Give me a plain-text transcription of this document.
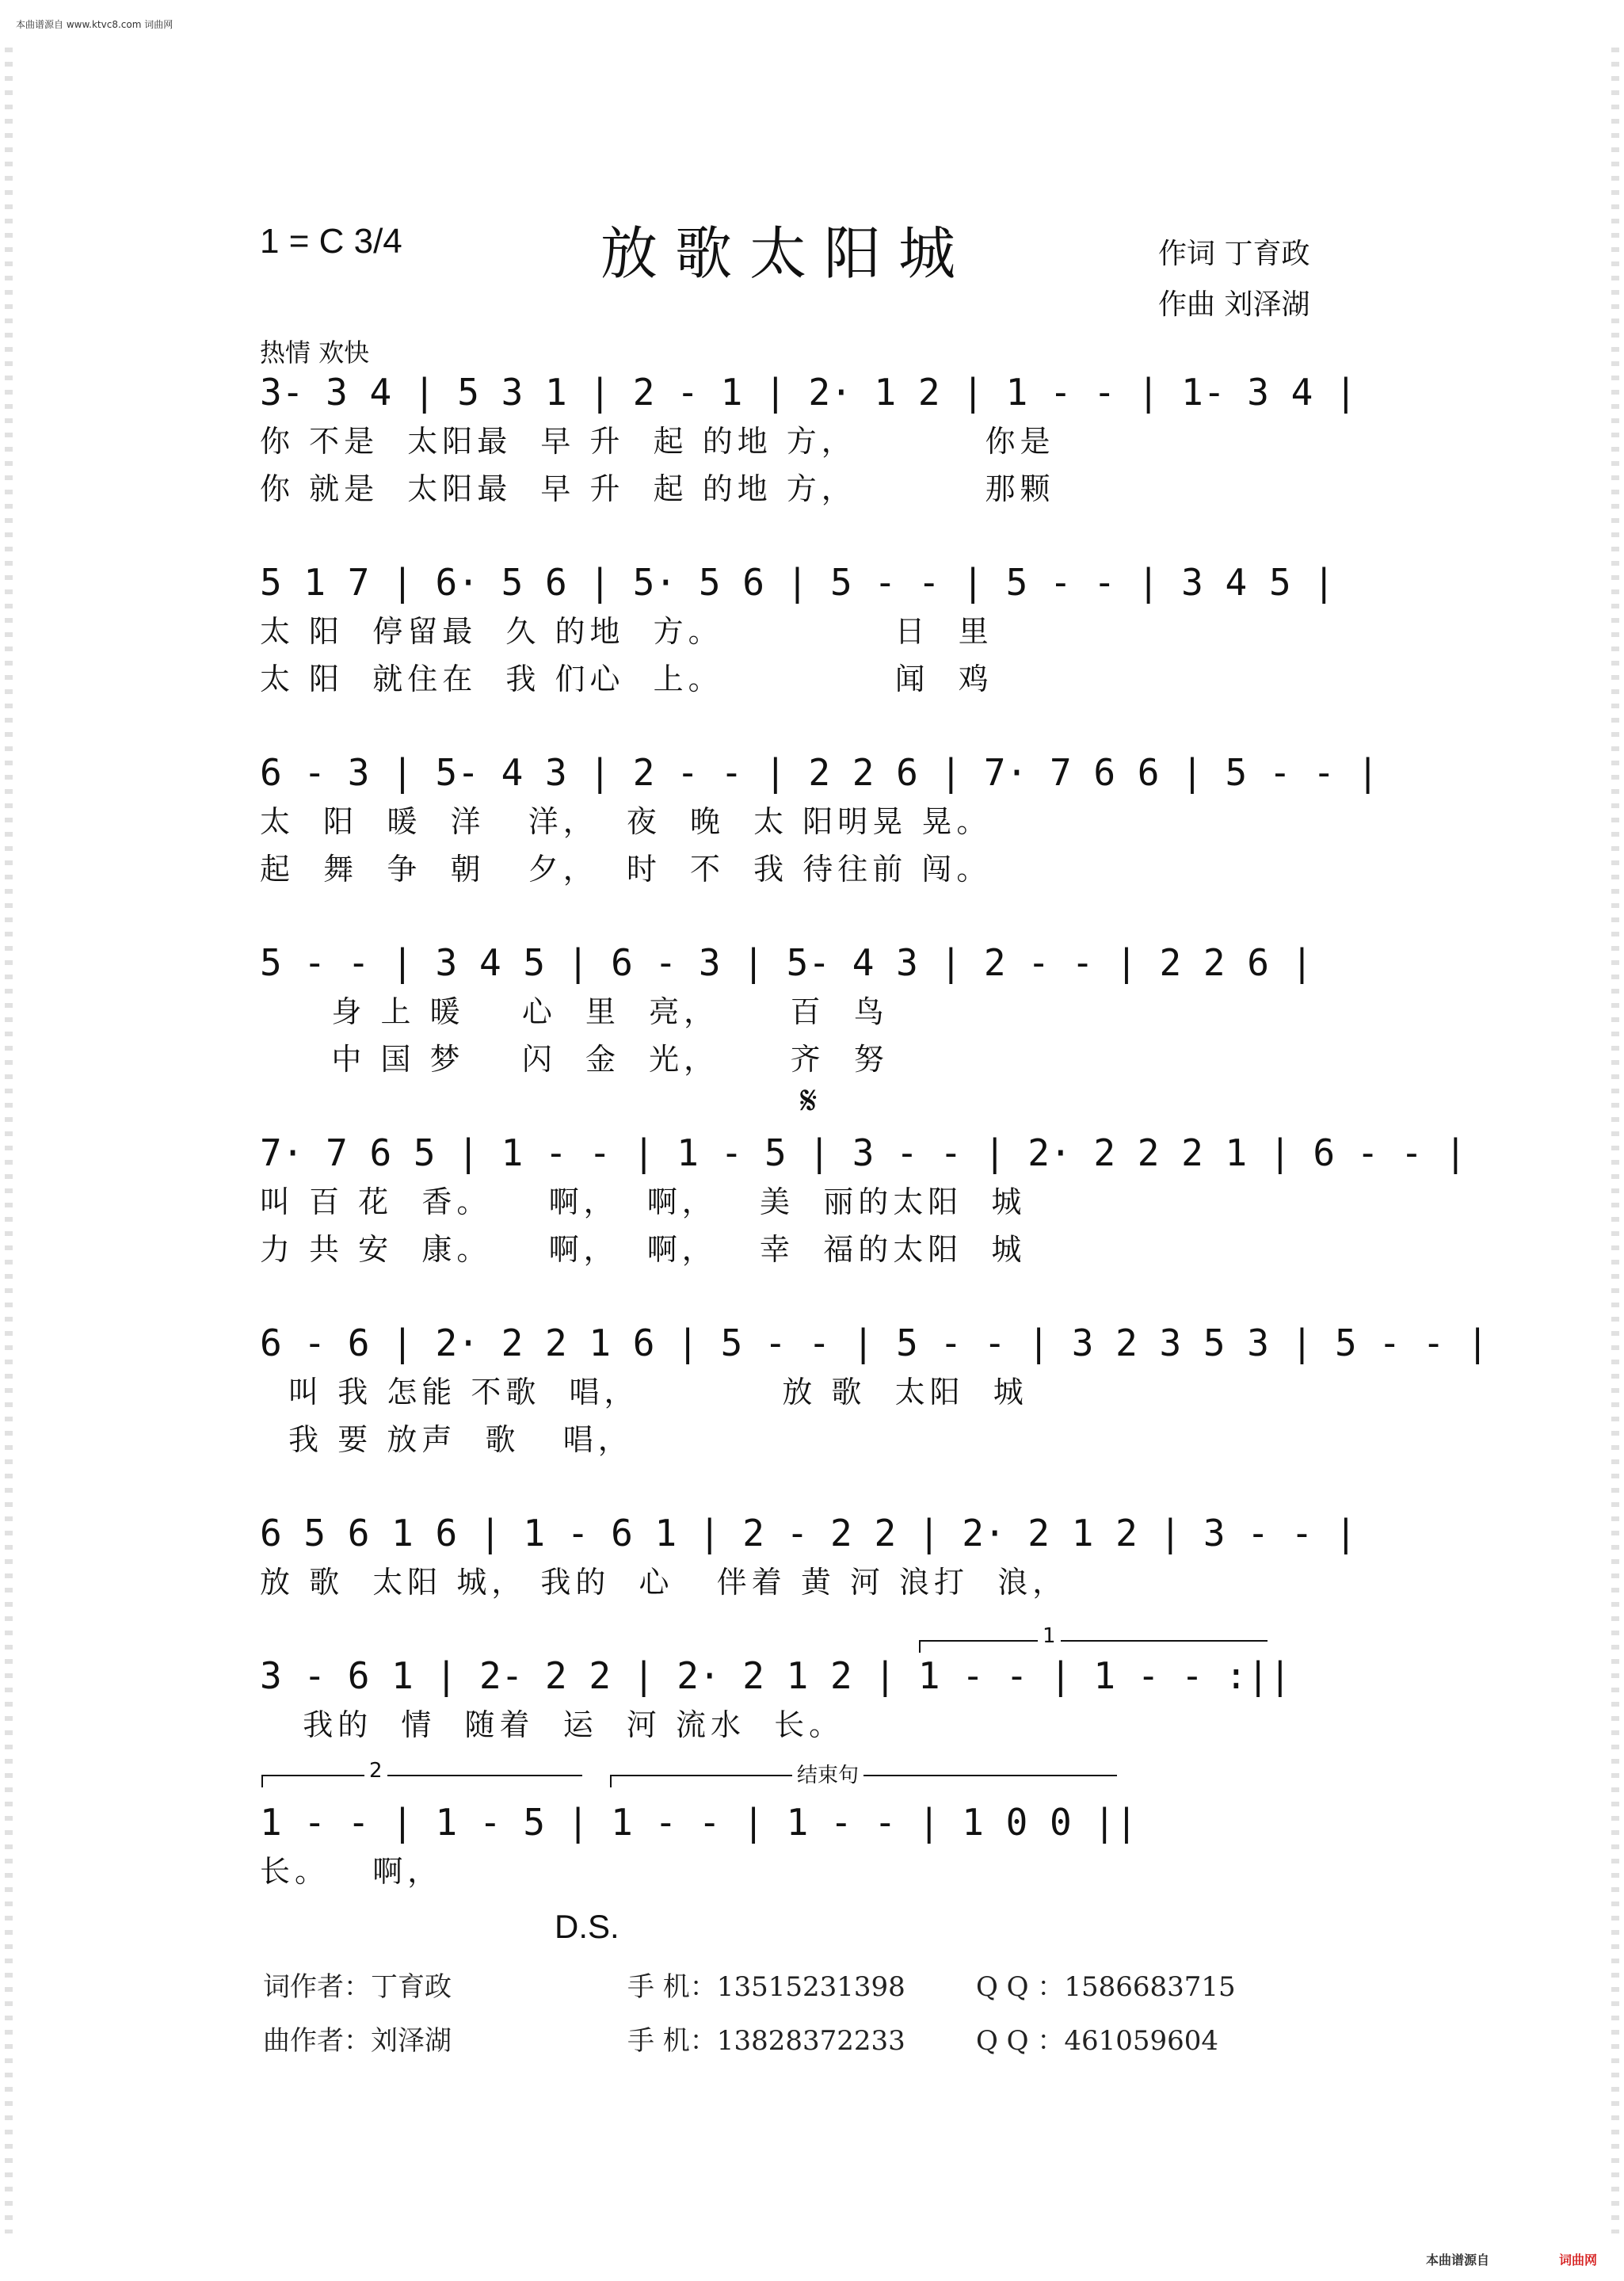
本曲谱源自 www.ktvc8.com 词曲网
1 = C 3/4	放歌太阳城	作词 丁育政
作曲 刘泽湖
热情 欢快
3- 3 4 | 5 3 1 | 2 - 1 | 2· 1 2 | 1 - - | 1- 3 4 |
你 不是  太阳最  早 升  起 的地 方，         你是
你 就是  太阳最  早 升  起 的地 方，         那颗
5 1 7 | 6· 5 6 | 5· 5 6 | 5 - - | 5 - - | 3 4 5 |
太 阳  停留最  久 的地  方。            日  里
太 阳  就住在  我 们心  上。            闻  鸡
6 - 3 | 5- 4 3 | 2 - - | 2 2 6 | 7· 7 6 6 | 5 - - |
太  阳  暖  洋   洋，  夜  晚  太 阳明晃 晃。
起  舞  争  朝   夕，  时  不  我 待往前 闯。
5 - - | 3 4 5 | 6 - 3 | 5- 4 3 | 2 - - | 2 2 6 |
身 上 暖    心  里  亮，     百  鸟
中 国 梦    闪  金  光，     齐  努
𝄋
7· 7 6 5 | 1 - - | 1 - 5 | 3 - - | 2· 2 2 2 1 | 6 - - |
叫 百 花  香。    啊，  啊，   美  丽的太阳  城
力 共 安  康。    啊，  啊，   幸  福的太阳  城
6 - 6 | 2· 2 2 1 6 | 5 - - | 5 - - | 3 2 3 5 3 | 5 - - |
叫 我 怎能 不歌  唱，          放 歌  太阳  城
我 要 放声  歌   唱，
6 5 6 1 6 | 1 - 6 1 | 2 - 2 2 | 2· 2 1 2 | 3 - - |
放 歌  太阳 城， 我的  心   伴着 黄 河 浪打  浪，
1
3 - 6 1 | 2- 2 2 | 2· 2 1 2 | 1 - - | 1 - - :||
我的  情  随着  运  河 流水  长。
2	结束句
1 - - | 1 - 5 | 1 - - | 1 - - | 1 0 0 ||
长。   啊，
D.S.
词作者：丁育政	手 机：13515231398	Q Q ：1586683715
曲作者：刘泽湖	手 机：13828372233	Q Q ：461059604
本曲谱源自	词曲网
